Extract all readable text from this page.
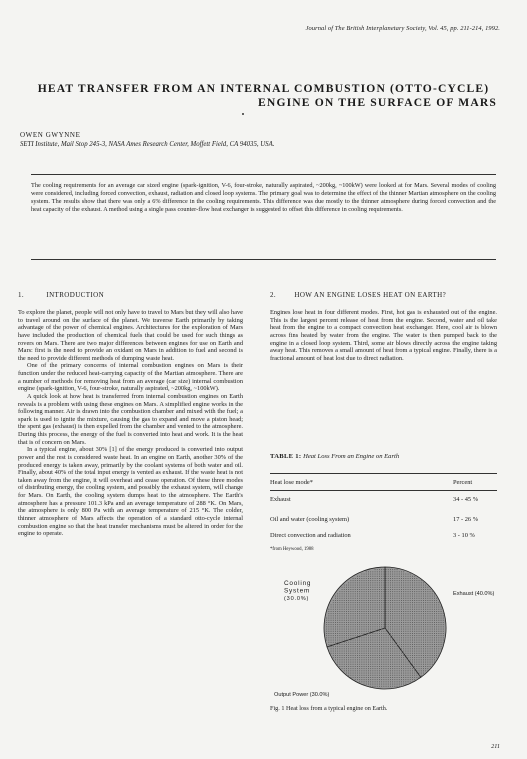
Journal of The British Interplanetary Society, Vol. 45, pp. 211-214, 1992.
HEAT TRANSFER FROM AN INTERNAL COMBUSTION (OTTO-CYCLE)
ENGINE ON THE SURFACE OF MARS
OWEN GWYNNE
SETI Institute, Mail Stop 245-3, NASA Ames Research Center, Moffett Field, CA 94035, USA.
The cooling requirements for an average car sized engine (spark-ignition, V-6, four-stroke, naturally aspirated, ~200kg, ~100kW) were looked at for Mars. Several modes of cooling were considered, including forced convection, exhaust, radiation and closed loop systems. The primary goal was to determine the effect of the thinner Martian atmosphere on the cooling system. The results show that there was only a 6% difference in the cooling requirements. This difference was due mostly to the thinner atmosphere during forced convection and the heat capacity of the exhaust. A method using a single pass counter-flow heat exchanger is suggested to offset this difference in cooling requirements.
1.	INTRODUCTION

To explore the planet, people will not only have to travel to Mars but they will also have to travel around on the surface of the planet. We traverse Earth primarily by taking advantage of the power of chemical engines. Architectures for the exploration of Mars have included the production of chemical fuels that could be used for such things as rovers on Mars. There are two major differences between engines for use on Earth and Mars: first is the need to provide an oxidant on Mars in addition to fuel and second is the need to provide different methods of dumping waste heat.

One of the primary concerns of internal combustion engines on Mars is their function under the reduced heat-carrying capacity of the Martian atmosphere. There are a number of methods for removing heat from an average (car size) internal combustion engine (spark-ignition, V-6, four-stroke, naturally aspirated, ~200kg, ~100kW).

A quick look at how heat is transferred from internal combustion engines on Earth reveals is a problem with using these engines on Mars. A simplified engine works in the following manner. Air is drawn into the combustion chamber and mixed with the fuel; a spark is used to ignite the mixture, causing the gas to expand and move a piston head; the spent gas (exhaust) is then expelled from the chamber and vented to the atmosphere. During this process, the energy of the fuel is converted into heat and work. It is the heat that is of concern on Mars.

In a typical engine, about 30% [1] of the energy produced is converted into output power and the rest is considered waste heat. In an engine on Earth, another 30% of the produced energy is taken away, primarily by the coolant systems of both water and oil. Finally, about 40% of the total input energy is vented as exhaust. If the waste heat is not taken away from the engine, it will overheat and cease operation. Of these three modes of distributing energy, the cooling system, and possibly the exhaust system, will change for Mars. On Earth, the cooling system dumps heat to the atmosphere. The Earth's atmosphere has a pressure 101.3 kPa and an average temperature of 288 °K. On Mars, the atmosphere is only 800 Pa with an average temperature of 215 °K. The colder, thinner atmosphere of Mars affects the operation of a standard otto-cycle internal combustion engine so that the heat transfer mechanisms must be altered in order for the engine to operate.

2.	HOW AN ENGINE LOSES HEAT ON EARTH?

Engines lose heat in four different modes. First, hot gas is exhausted out of the engine. This is the largest percent release of heat from the engine. Second, water and oil take heat from the engine to a compact convection heat exchanger. Here, cool air is blown across fins heated by water from the engine. The water is then pumped back to the engine in a closed loop system. Third, some air blows directly across the engine taking away heat. This removes a small amount of heat from a typical engine. Finally, there is a fractional amount of heat lost due to direct radiation.

TABLE 1: Heat Loss From an Engine on Earth
Heat lose mode*	Percent
Exhaust	34 - 45 %
Oil and water (cooling system)	17 - 26 %
Direct convection and radiation	3 - 10 %
*from Heywood, 1988
Exhaust (40.0%)
Cooling System (30.0%)
Output Power (30.0%)
Fig. 1 Heat loss from a typical engine on Earth.
211
